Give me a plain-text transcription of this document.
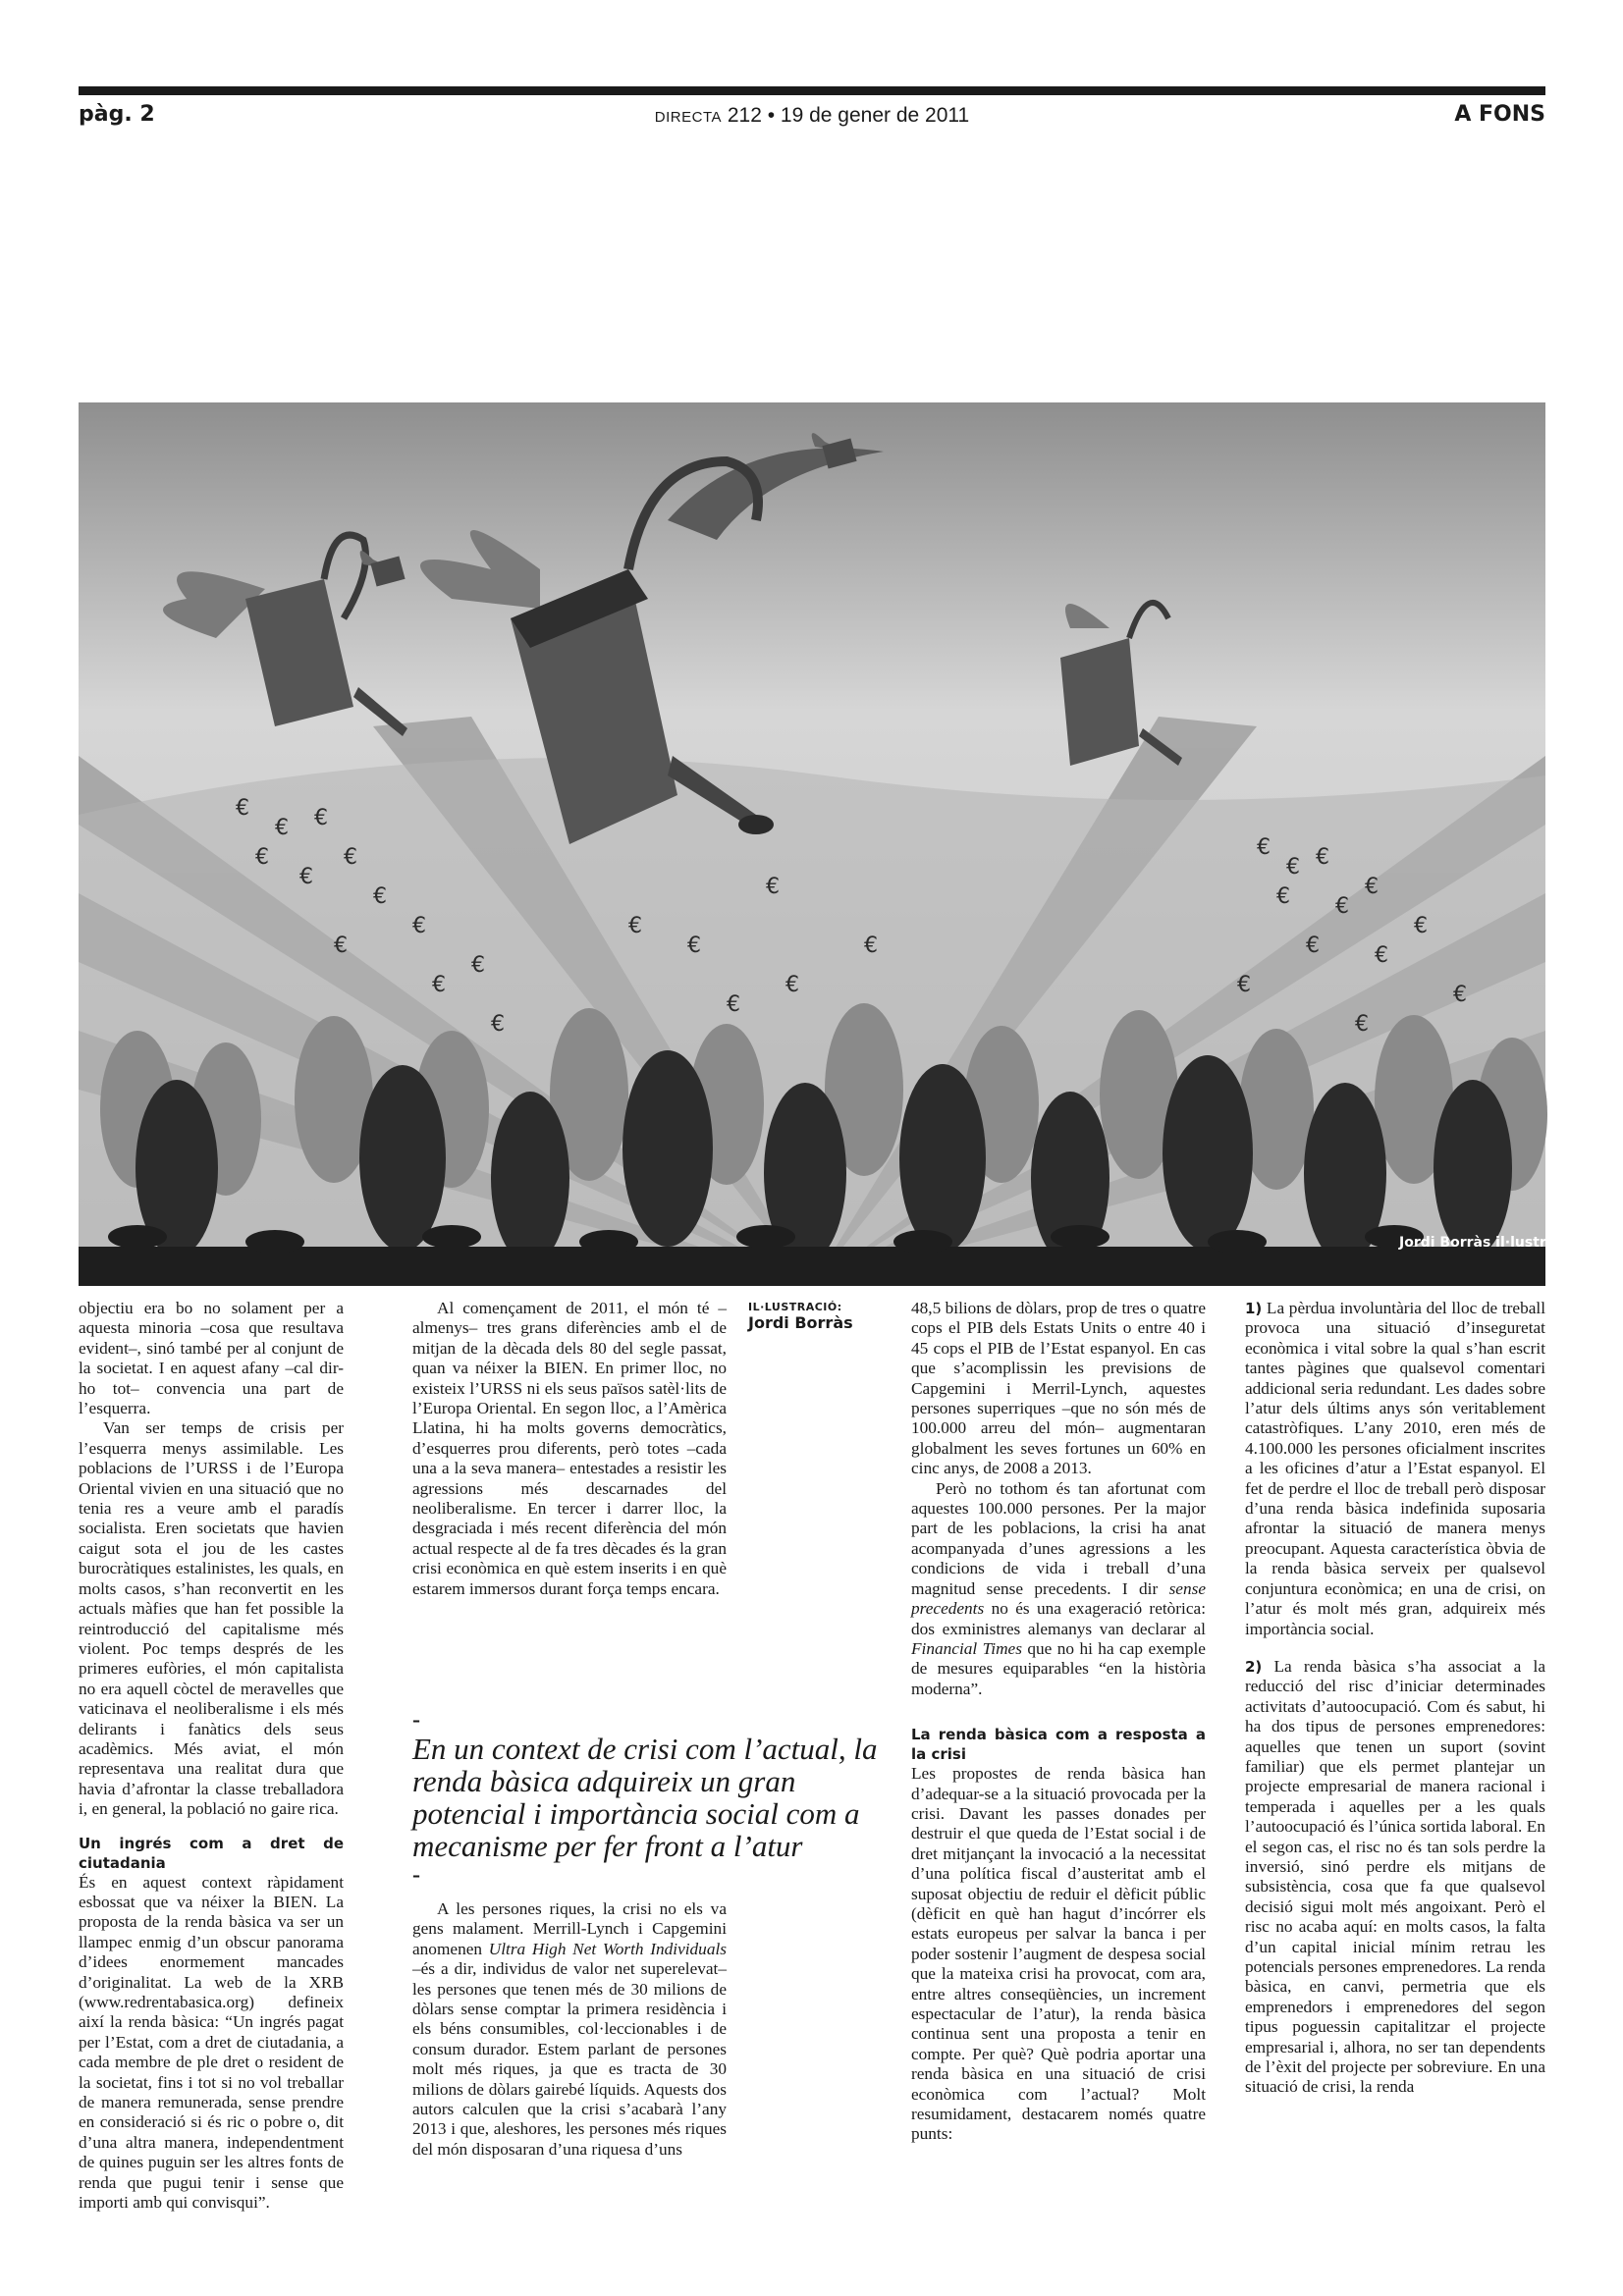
pàg. 2	DIRECTA 212 • 19 de gener de 2011	A FONS
€
€ €
€
€
€
€
€
€
€
€
€
€
€
€
€
€
€
€
€ €
€ €
€
€	€
€
€	€
€
Jordi Borràs il·lustrador
IL·LUSTRACIÓ:
Jordi Borràs

objectiu era bo no solament per a aquesta minoria –cosa que resultava evident–, sinó també per al conjunt de la societat. I en aquest afany –cal dir-ho tot– convencia una part de l’esquerra.

Van ser temps de crisis per l’esquerra menys assimilable. Les poblacions de l’URSS i de l’Europa Oriental vivien en una situació que no tenia res a veure amb el paradís socialista. Eren societats que havien caigut sota el jou de les castes burocràtiques estalinistes, les quals, en molts casos, s’han reconvertit en les actuals màfies que han fet possible la reintroducció del capitalisme més violent. Poc temps després de les primeres eufòries, el món capitalista no era aquell còctel de meravelles que vaticinava el neoliberalisme i els més delirants i fanàtics dels seus acadèmics. Més aviat, el món representava una realitat dura que havia d’afrontar la classe treballadora i, en general, la població no gaire rica.

Un ingrés com a dret de ciutadania

És en aquest context ràpidament esbossat que va néixer la BIEN. La proposta de la renda bàsica va ser un llampec enmig d’un obscur panorama d’idees enormement mancades d’originalitat. La web de la XRB (www.redrentabasica.org) defineix així la renda bàsica: “Un ingrés pagat per l’Estat, com a dret de ciutadania, a cada membre de ple dret o resident de la societat, fins i tot si no vol treballar de manera remunerada, sense prendre en consideració si és ric o pobre o, dit d’una altra manera, independentment de quines puguin ser les altres fonts de renda que pugui tenir i sense que importi amb qui convisqui”.

Al començament de 2011, el món té –almenys– tres grans diferències amb el de mitjan de la dècada dels 80 del segle passat, quan va néixer la BIEN. En primer lloc, no existeix l’URSS ni els seus països satèl·lits de l’Europa Oriental. En segon lloc, a l’Amèrica Llatina, hi ha molts governs democràtics, d’esquerres prou diferents, però totes –cada una a la seva manera– entestades a resistir les agressions més descarnades del neoliberalisme. En tercer i darrer lloc, la desgraciada i més recent diferència del món actual respecte al de fa tres dècades és la gran crisi econòmica en què estem inserits i en què estarem immersos durant força temps encara.

–
En un context de crisi com l’actual, la renda bàsica adquireix un gran potencial i importància social com a mecanisme per fer front a l’atur
–

A les persones riques, la crisi no els va gens malament. Merrill-Lynch i Capgemini anomenen Ultra High Net Worth Individuals –és a dir, individus de valor net superelevat– les persones que tenen més de 30 milions de dòlars sense comptar la primera residència i els béns consumibles, col·leccionables i de consum durador. Estem parlant de persones molt més riques, ja que es tracta de 30 milions de dòlars gairebé líquids. Aquests dos autors calculen que la crisi s’acabarà l’any 2013 i que, aleshores, les persones més riques del món disposaran d’una riquesa d’uns

48,5 bilions de dòlars, prop de tres o quatre cops el PIB dels Estats Units o entre 40 i 45 cops el PIB de l’Estat espanyol. En cas que s’acomplissin les previsions de Capgemini i Merril-Lynch, aquestes persones superriques –que no són més de 100.000 arreu del món– augmentaran globalment les seves fortunes un 60% en cinc anys, de 2008 a 2013.

Però no tothom és tan afortunat com aquestes 100.000 persones. Per la major part de les poblacions, la crisi ha anat acompanyada d’unes agressions a les condicions de vida i treball d’una magnitud sense precedents. I dir sense precedents no és una exageració retòrica: dos exministres alemanys van declarar al Financial Times que no hi ha cap exemple de mesures equiparables “en la història moderna”.

La renda bàsica com a resposta a la crisi

Les propostes de renda bàsica han d’adequar-se a la situació provocada per la crisi. Davant les passes donades per destruir el que queda de l’Estat social i de dret mitjançant la invocació a la necessitat d’una política fiscal d’austeritat amb el suposat objectiu de reduir el dèficit públic (dèficit en què han hagut d’incórrer els estats europeus per salvar la banca i per poder sostenir l’augment de despesa social que la mateixa crisi ha provocat, com ara, entre altres conseqüències, un increment espectacular de l’atur), la renda bàsica continua sent una proposta a tenir en compte. Per què? Què podria aportar una renda bàsica en una situació de crisi econòmica com l’actual? Molt resumidament, destacarem només quatre punts:

1) La pèrdua involuntària del lloc de treball provoca una situació d’inseguretat econòmica i vital sobre la qual s’han escrit tantes pàgines que qualsevol comentari addicional seria redundant. Les dades sobre l’atur dels últims anys són veritablement catastròfiques. L’any 2010, eren més de 4.100.000 les persones oficialment inscrites a les oficines d’atur a l’Estat espanyol. El fet de perdre el lloc de treball però disposar d’una renda bàsica indefinida suposaria afrontar la situació de manera menys preocupant. Aquesta característica òbvia de la renda bàsica serveix per qualsevol conjuntura econòmica; en una de crisi, on l’atur és molt més gran, adquireix més importància social.

2) La renda bàsica s’ha associat a la reducció del risc d’iniciar determinades activitats d’autoocupació. Com és sabut, hi ha dos tipus de persones emprenedores: aquelles que tenen un suport (sovint familiar) que els permet plantejar un projecte empresarial de manera racional i temperada i aquelles per a les quals l’autoocupació és l’única sortida laboral. En el segon cas, el risc no és tan sols perdre la inversió, sinó perdre els mitjans de subsistència, cosa que fa que qualsevol decisió sigui molt més angoixant. Però el risc no acaba aquí: en molts casos, la falta d’un capital inicial mínim retrau les potencials persones emprenedores. La renda bàsica, en canvi, permetria que els emprenedors i emprenedores del segon tipus poguessin capitalitzar el projecte empresarial i, alhora, no ser tan dependents de l’èxit del projecte per sobreviure. En una situació de crisi, la renda
